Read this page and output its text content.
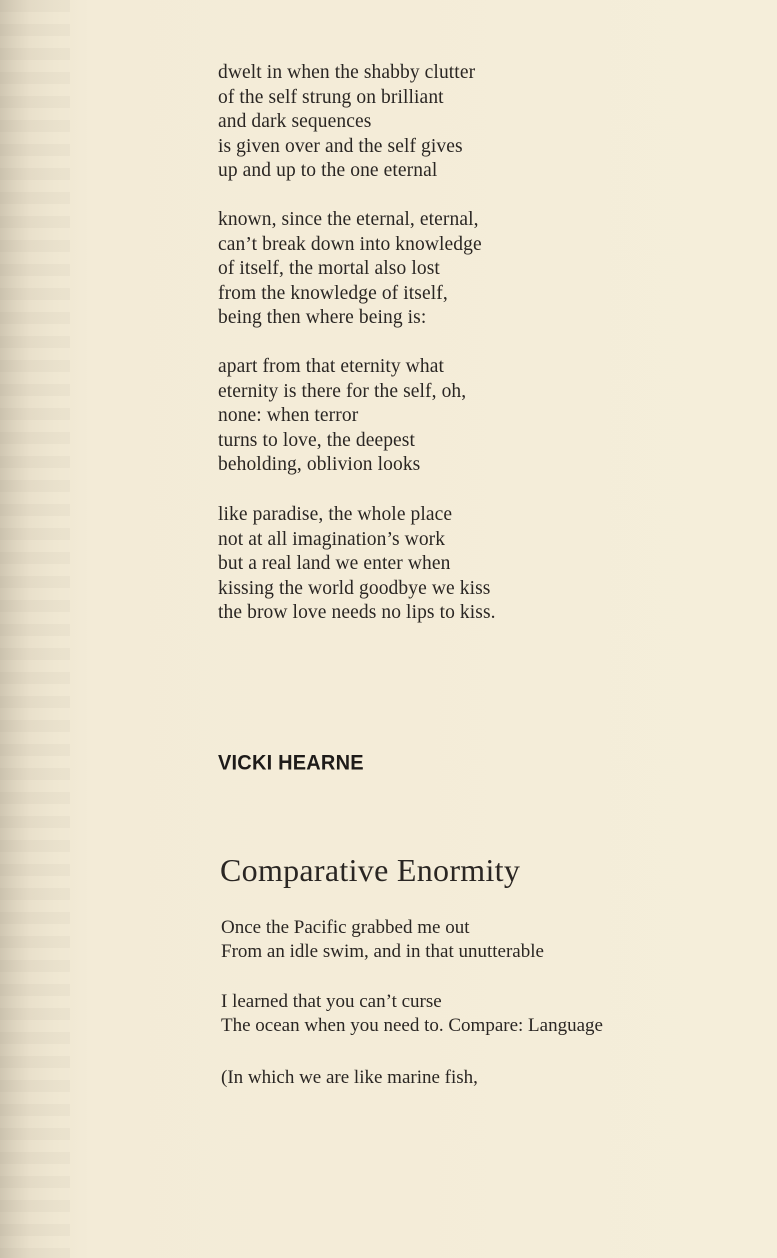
dwelt in when the shabby clutter
of the self strung on brilliant
and dark sequences
is given over and the self gives
up and up to the one eternal
known, since the eternal, eternal,
can’t break down into knowledge
of itself, the mortal also lost
from the knowledge of itself,
being then where being is:
apart from that eternity what
eternity is there for the self, oh,
none: when terror
turns to love, the deepest
beholding, oblivion looks
like paradise, the whole place
not at all imagination’s work
but a real land we enter when
kissing the world goodbye we kiss
the brow love needs no lips to kiss.
VICKI HEARNE
Comparative Enormity
Once the Pacific grabbed me out
From an idle swim, and in that unutterable
I learned that you can’t curse
The ocean when you need to. Compare: Language
(In which we are like marine fish,
